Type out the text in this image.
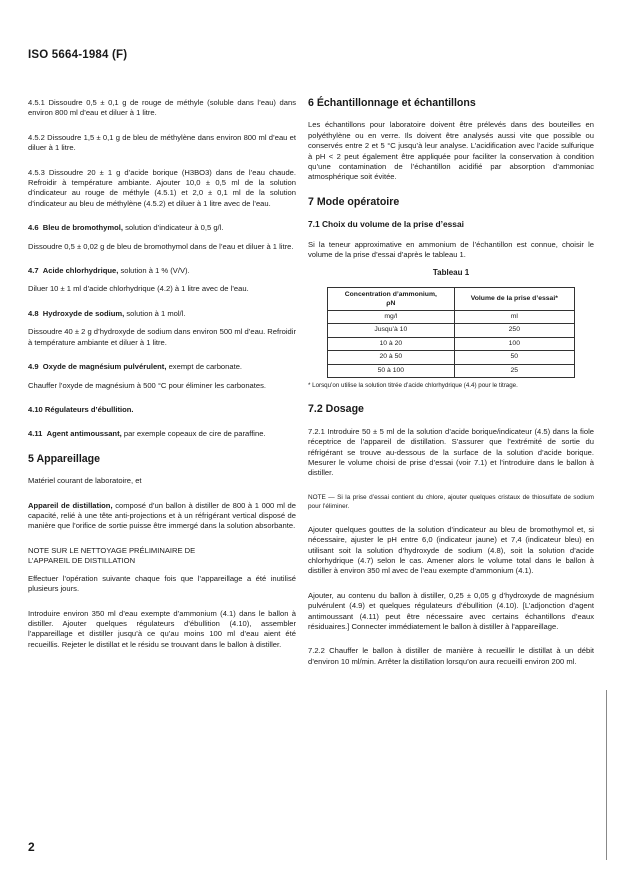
ISO 5664-1984 (F)

4.5.1 Dissoudre 0,5 ± 0,1 g de rouge de méthyle (soluble dans l’eau) dans environ 800 ml d’eau et diluer à 1 litre.

4.5.2 Dissoudre 1,5 ± 0,1 g de bleu de méthylène dans environ 800 ml d’eau et diluer à 1 litre.

4.5.3 Dissoudre 20 ± 1 g d’acide borique (H3BO3) dans de l’eau chaude. Refroidir à température ambiante. Ajouter 10,0 ± 0,5 ml de la solution d’indicateur au rouge de méthyle (4.5.1) et 2,0 ± 0,1 ml de la solution d’indicateur au bleu de méthylène (4.5.2) et diluer à 1 litre avec de l’eau.

4.6 Bleu de bromothymol, solution d’indicateur à 0,5 g/l.

Dissoudre 0,5 ± 0,02 g de bleu de bromothymol dans de l’eau et diluer à 1 litre.

4.7 Acide chlorhydrique, solution à 1 % (V/V).

Diluer 10 ± 1 ml d’acide chlorhydrique (4.2) à 1 litre avec de l’eau.

4.8 Hydroxyde de sodium, solution à 1 mol/l.

Dissoudre 40 ± 2 g d’hydroxyde de sodium dans environ 500 ml d’eau. Refroidir à température ambiante et diluer à 1 litre.

4.9 Oxyde de magnésium pulvérulent, exempt de carbonate.

Chauffer l’oxyde de magnésium à 500 °C pour éliminer les carbonates.

4.10 Régulateurs d’ébullition.

4.11 Agent antimoussant, par exemple copeaux de cire de paraffine.

5 Appareillage

Matériel courant de laboratoire, et

Appareil de distillation, composé d’un ballon à distiller de 800 à 1 000 ml de capacité, relié à une tête anti-projections et à un réfrigérant vertical disposé de manière que l’orifice de sortie puisse être immergé dans la solution absorbante.

NOTE SUR LE NETTOYAGE PRÉLIMINAIRE DE
L’APPAREIL DE DISTILLATION

Effectuer l’opération suivante chaque fois que l’appareillage a été inutilisé plusieurs jours.

Introduire environ 350 ml d’eau exempte d’ammonium (4.1) dans le ballon à distiller. Ajouter quelques régulateurs d’ébullition (4.10), assembler l’appareillage et distiller jusqu’à ce qu’au moins 100 ml d’eau aient été recueillis. Rejeter le distillat et le résidu se trouvant dans le ballon à distiller.

6 Échantillonnage et échantillons

Les échantillons pour laboratoire doivent être prélevés dans des bouteilles en polyéthylène ou en verre. Ils doivent être analysés aussi vite que possible ou conservés entre 2 et 5 °C jusqu’à leur analyse. L’acidification avec l’acide sulfurique à pH < 2 peut également être appliquée pour faciliter la conservation à condition qu’une contamination de l’échantillon acidifié par absorption d’ammoniac atmosphérique soit évitée.

7 Mode opératoire
7.1 Choix du volume de la prise d’essai

Si la teneur approximative en ammonium de l’échantillon est connue, choisir le volume de la prise d’essai d’après le tableau 1.

Tableau 1
Concentration d’ammonium,
ρN	Volume de la prise d’essai*
mg/l	ml
Jusqu’à 10	250
10 à 20	100
20 à 50	50
50 à 100	25

* Lorsqu’on utilise la solution titrée d’acide chlorhydrique (4.4) pour le titrage.

7.2 Dosage

7.2.1 Introduire 50 ± 5 ml de la solution d’acide borique/indicateur (4.5) dans la fiole réceptrice de l’appareil de distillation. S’assurer que l’extrémité de sortie du réfrigérant se trouve au-dessous de la surface de la solution d’acide borique. Mesurer le volume choisi de prise d’essai (voir 7.1) et l’introduire dans le ballon à distiller.

NOTE — Si la prise d’essai contient du chlore, ajouter quelques cristaux de thiosulfate de sodium pour l’éliminer.

Ajouter quelques gouttes de la solution d’indicateur au bleu de bromothymol et, si nécessaire, ajuster le pH entre 6,0 (indicateur jaune) et 7,4 (indicateur bleu) en utilisant soit la solution d’hydroxyde de sodium (4.8), soit la solution d’acide chlorhydrique (4.7) selon le cas. Amener alors le volume total dans le ballon à distiller à environ 350 ml avec de l’eau exempte d’ammonium (4.1).

Ajouter, au contenu du ballon à distiller, 0,25 ± 0,05 g d’hydroxyde de magnésium pulvérulent (4.9) et quelques régulateurs d’ébullition (4.10). [L’adjonction d’agent antimoussant (4.11) peut être nécessaire avec certains échantillons d’eaux résiduaires.] Connecter immédiatement le ballon à distiller à l’appareillage.

7.2.2 Chauffer le ballon à distiller de manière à recueillir le distillat à un débit d’environ 10 ml/min. Arrêter la distillation lorsqu’on aura recueilli environ 200 ml.

2
